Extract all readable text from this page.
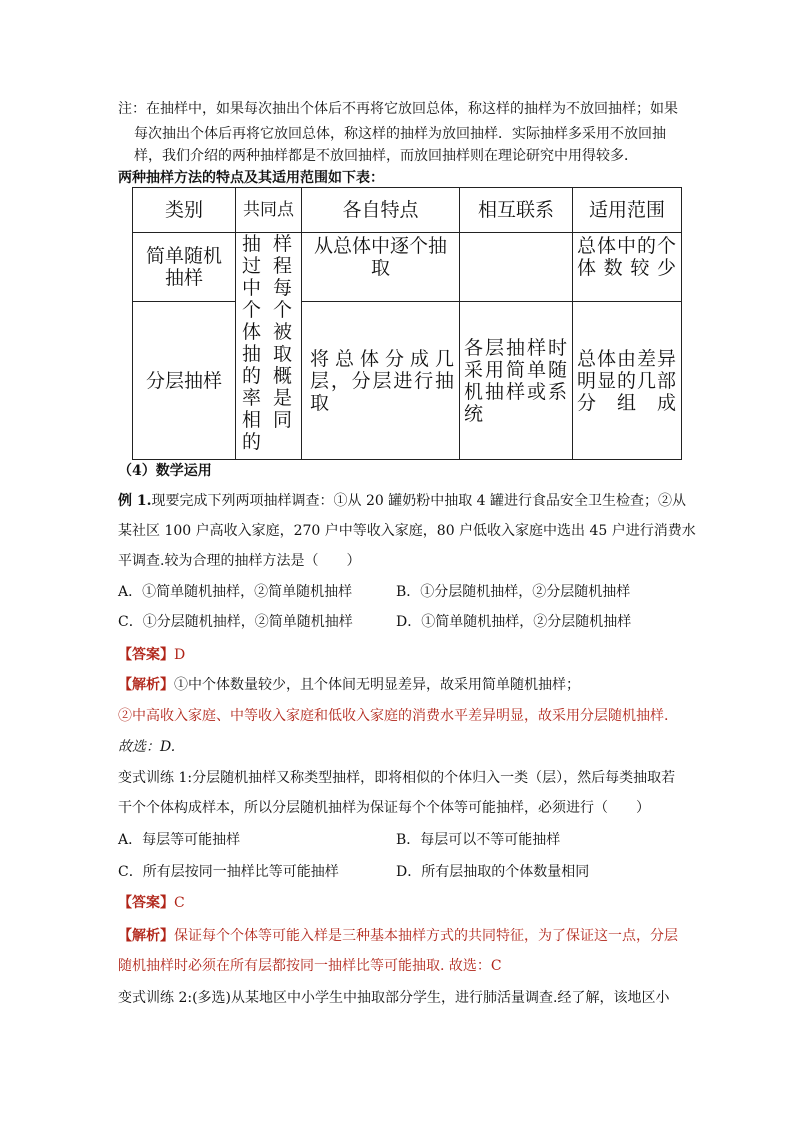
注：在抽样中，如果每次抽出个体后不再将它放回总体，称这样的抽样为不放回抽样；如果
每次抽出个体后再将它放回总体，称这样的抽样为放回抽样．实际抽样多采用不放回抽
样，我们介绍的两种抽样都是不放回抽样，而放回抽样则在理论研究中用得较多．
两种抽样方法的特点及其适用范围如下表：
类别	共同点	各自特点	相互联系	适用范围
简单随机抽样	抽样过程中每个个体被抽取的概率是相同的	从总体中逐个抽取		总体中的个体数较少
分层抽样		将总体分成几层，分层进行抽取	各层抽样时采用简单随机抽样或系统	总体由差异明显的几部分组成
（4）数学运用
例 1.现要完成下列两项抽样调查：①从 20 罐奶粉中抽取 4 罐进行食品安全卫生检查；②从
某社区 100 户高收入家庭，270 户中等收入家庭，80 户低收入家庭中选出 45 户进行消费水
平调查.较为合理的抽样方法是（　　）
A．①简单随机抽样，②简单随机抽样	B．①分层随机抽样，②分层随机抽样
C．①分层随机抽样，②简单随机抽样	D．①简单随机抽样，②分层随机抽样
【答案】D
【解析】①中个体数量较少，且个体间无明显差异，故采用简单随机抽样；
②中高收入家庭、中等收入家庭和低收入家庭的消费水平差异明显，故采用分层随机抽样.
故选：D.
变式训练 1:分层随机抽样又称类型抽样，即将相似的个体归入一类（层），然后每类抽取若
干个个体构成样本，所以分层随机抽样为保证每个个体等可能抽样，必须进行（　　）
A．每层等可能抽样	B．每层可以不等可能抽样
C．所有层按同一抽样比等可能抽样	D．所有层抽取的个体数量相同
【答案】C
【解析】保证每个个体等可能入样是三种基本抽样方式的共同特征，为了保证这一点，分层
随机抽样时必须在所有层都按同一抽样比等可能抽取. 故选：C
变式训练 2:(多选)从某地区中小学生中抽取部分学生，进行肺活量调查.经了解，该地区小
